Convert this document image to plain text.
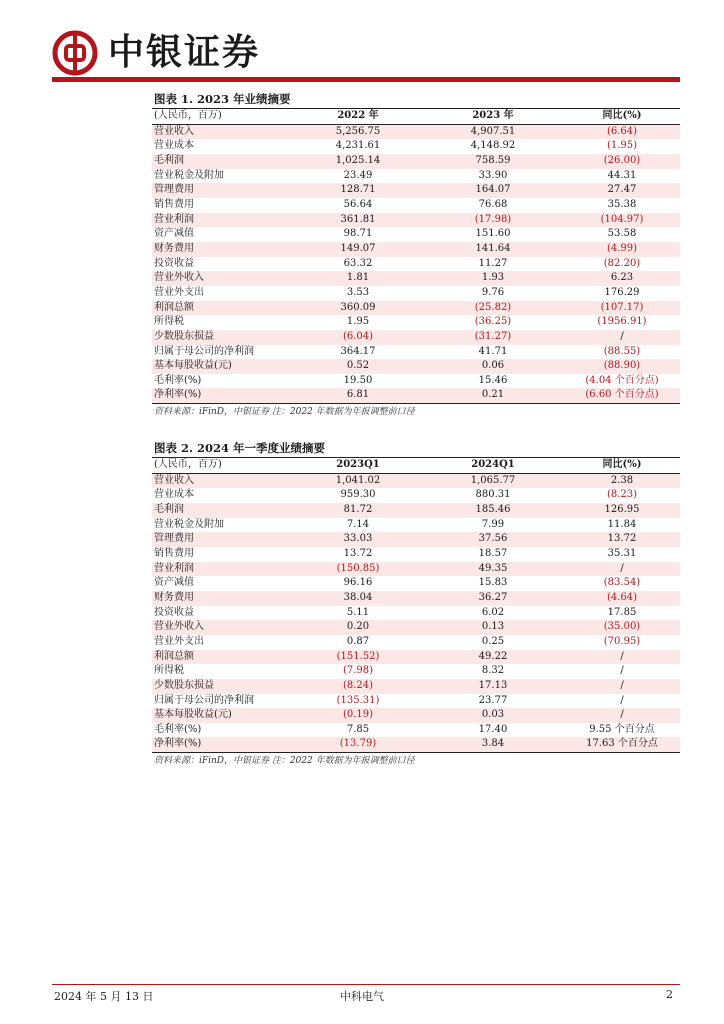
中银证券
图表 1. 2023 年业绩摘要
(人民币，百万)	2022 年	2023 年	同比(%)
营业收入	5,256.75	4,907.51	(6.64)
营业成本	4,231.61	4,148.92	(1.95)
毛利润	1,025.14	758.59	(26.00)
营业税金及附加	23.49	33.90	44.31
管理费用	128.71	164.07	27.47
销售费用	56.64	76.68	35.38
营业利润	361.81	(17.98)	(104.97)
资产减值	98.71	151.60	53.58
财务费用	149.07	141.64	(4.99)
投资收益	63.32	11.27	(82.20)
营业外收入	1.81	1.93	6.23
营业外支出	3.53	9.76	176.29
利润总额	360.09	(25.82)	(107.17)
所得税	1.95	(36.25)	(1956.91)
少数股东损益	(6.04)	(31.27)	/
归属于母公司的净利润	364.17	41.71	(88.55)
基本每股收益(元)	0.52	0.06	(88.90)
毛利率(%)	19.50	15.46	(4.04 个百分点)
净利率(%)	6.81	0.21	(6.60 个百分点)
资料来源：iFinD，中银证券 注：2022 年数据为年报调整前口径
图表 2. 2024 年一季度业绩摘要
(人民币，百万)	2023Q1	2024Q1	同比(%)
营业收入	1,041.02	1,065.77	2.38
营业成本	959.30	880.31	(8.23)
毛利润	81.72	185.46	126.95
营业税金及附加	7.14	7.99	11.84
管理费用	33.03	37.56	13.72
销售费用	13.72	18.57	35.31
营业利润	(150.85)	49.35	/
资产减值	96.16	15.83	(83.54)
财务费用	38.04	36.27	(4.64)
投资收益	5.11	6.02	17.85
营业外收入	0.20	0.13	(35.00)
营业外支出	0.87	0.25	(70.95)
利润总额	(151.52)	49.22	/
所得税	(7.98)	8.32	/
少数股东损益	(8.24)	17.13	/
归属于母公司的净利润	(135.31)	23.77	/
基本每股收益(元)	(0.19)	0.03	/
毛利率(%)	7.85	17.40	9.55 个百分点
净利率(%)	(13.79)	3.84	17.63 个百分点
资料来源：iFinD，中银证券 注：2022 年数据为年报调整前口径
2024 年 5 月 13 日	中科电气	2
